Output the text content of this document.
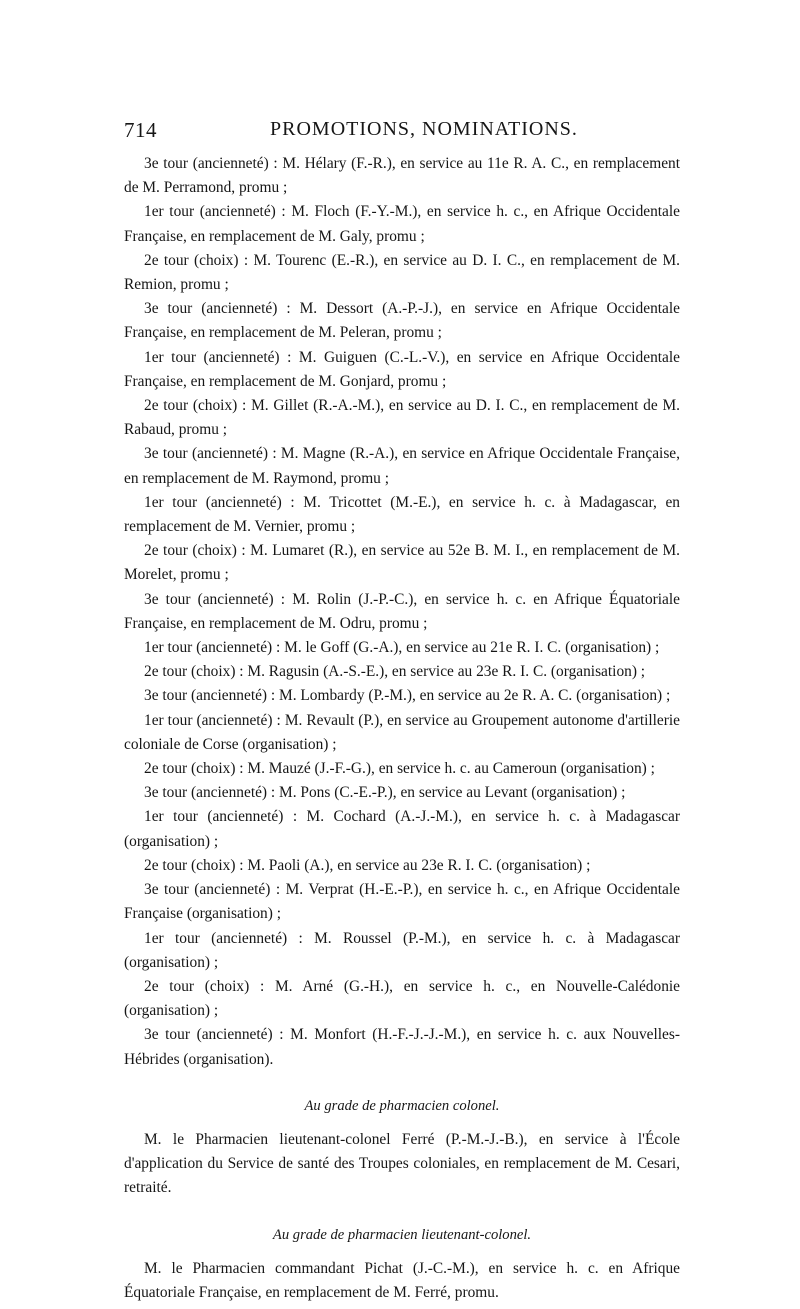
714	PROMOTIONS, NOMINATIONS.

3e tour (ancienneté) : M. Hélary (F.-R.), en service au 11e R. A. C., en remplacement de M. Perramond, promu ;

1er tour (ancienneté) : M. Floch (F.-Y.-M.), en service h. c., en Afrique Occidentale Française, en remplacement de M. Galy, promu ;

2e tour (choix) : M. Tourenc (E.-R.), en service au D. I. C., en remplacement de M. Remion, promu ;

3e tour (ancienneté) : M. Dessort (A.-P.-J.), en service en Afrique Occidentale Française, en remplacement de M. Peleran, promu ;

1er tour (ancienneté) : M. Guiguen (C.-L.-V.), en service en Afrique Occidentale Française, en remplacement de M. Gonjard, promu ;

2e tour (choix) : M. Gillet (R.-A.-M.), en service au D. I. C., en remplacement de M. Rabaud, promu ;

3e tour (ancienneté) : M. Magne (R.-A.), en service en Afrique Occidentale Française, en remplacement de M. Raymond, promu ;

1er tour (ancienneté) : M. Tricottet (M.-E.), en service h. c. à Madagascar, en remplacement de M. Vernier, promu ;

2e tour (choix) : M. Lumaret (R.), en service au 52e B. M. I., en remplacement de M. Morelet, promu ;

3e tour (ancienneté) : M. Rolin (J.-P.-C.), en service h. c. en Afrique Équatoriale Française, en remplacement de M. Odru, promu ;

1er tour (ancienneté) : M. le Goff (G.-A.), en service au 21e R. I. C. (organisation) ;

2e tour (choix) : M. Ragusin (A.-S.-E.), en service au 23e R. I. C. (organisation) ;

3e tour (ancienneté) : M. Lombardy (P.-M.), en service au 2e R. A. C. (organisation) ;

1er tour (ancienneté) : M. Revault (P.), en service au Groupement autonome d'artillerie coloniale de Corse (organisation) ;

2e tour (choix) : M. Mauzé (J.-F.-G.), en service h. c. au Cameroun (organisation) ;

3e tour (ancienneté) : M. Pons (C.-E.-P.), en service au Levant (organisation) ;

1er tour (ancienneté) : M. Cochard (A.-J.-M.), en service h. c. à Madagascar (organisation) ;

2e tour (choix) : M. Paoli (A.), en service au 23e R. I. C. (organisation) ;

3e tour (ancienneté) : M. Verprat (H.-E.-P.), en service h. c., en Afrique Occidentale Française (organisation) ;

1er tour (ancienneté) : M. Roussel (P.-M.), en service h. c. à Madagascar (organisation) ;

2e tour (choix) : M. Arné (G.-H.), en service h. c., en Nouvelle-Calédonie (organisation) ;

3e tour (ancienneté) : M. Monfort (H.-F.-J.-J.-M.), en service h. c. aux Nouvelles-Hébrides (organisation).

Au grade de pharmacien colonel.

M. le Pharmacien lieutenant-colonel Ferré (P.-M.-J.-B.), en service à l'École d'application du Service de santé des Troupes coloniales, en remplacement de M. Cesari, retraité.

Au grade de pharmacien lieutenant-colonel.

M. le Pharmacien commandant Pichat (J.-C.-M.), en service h. c. en Afrique Équatoriale Française, en remplacement de M. Ferré, promu.
